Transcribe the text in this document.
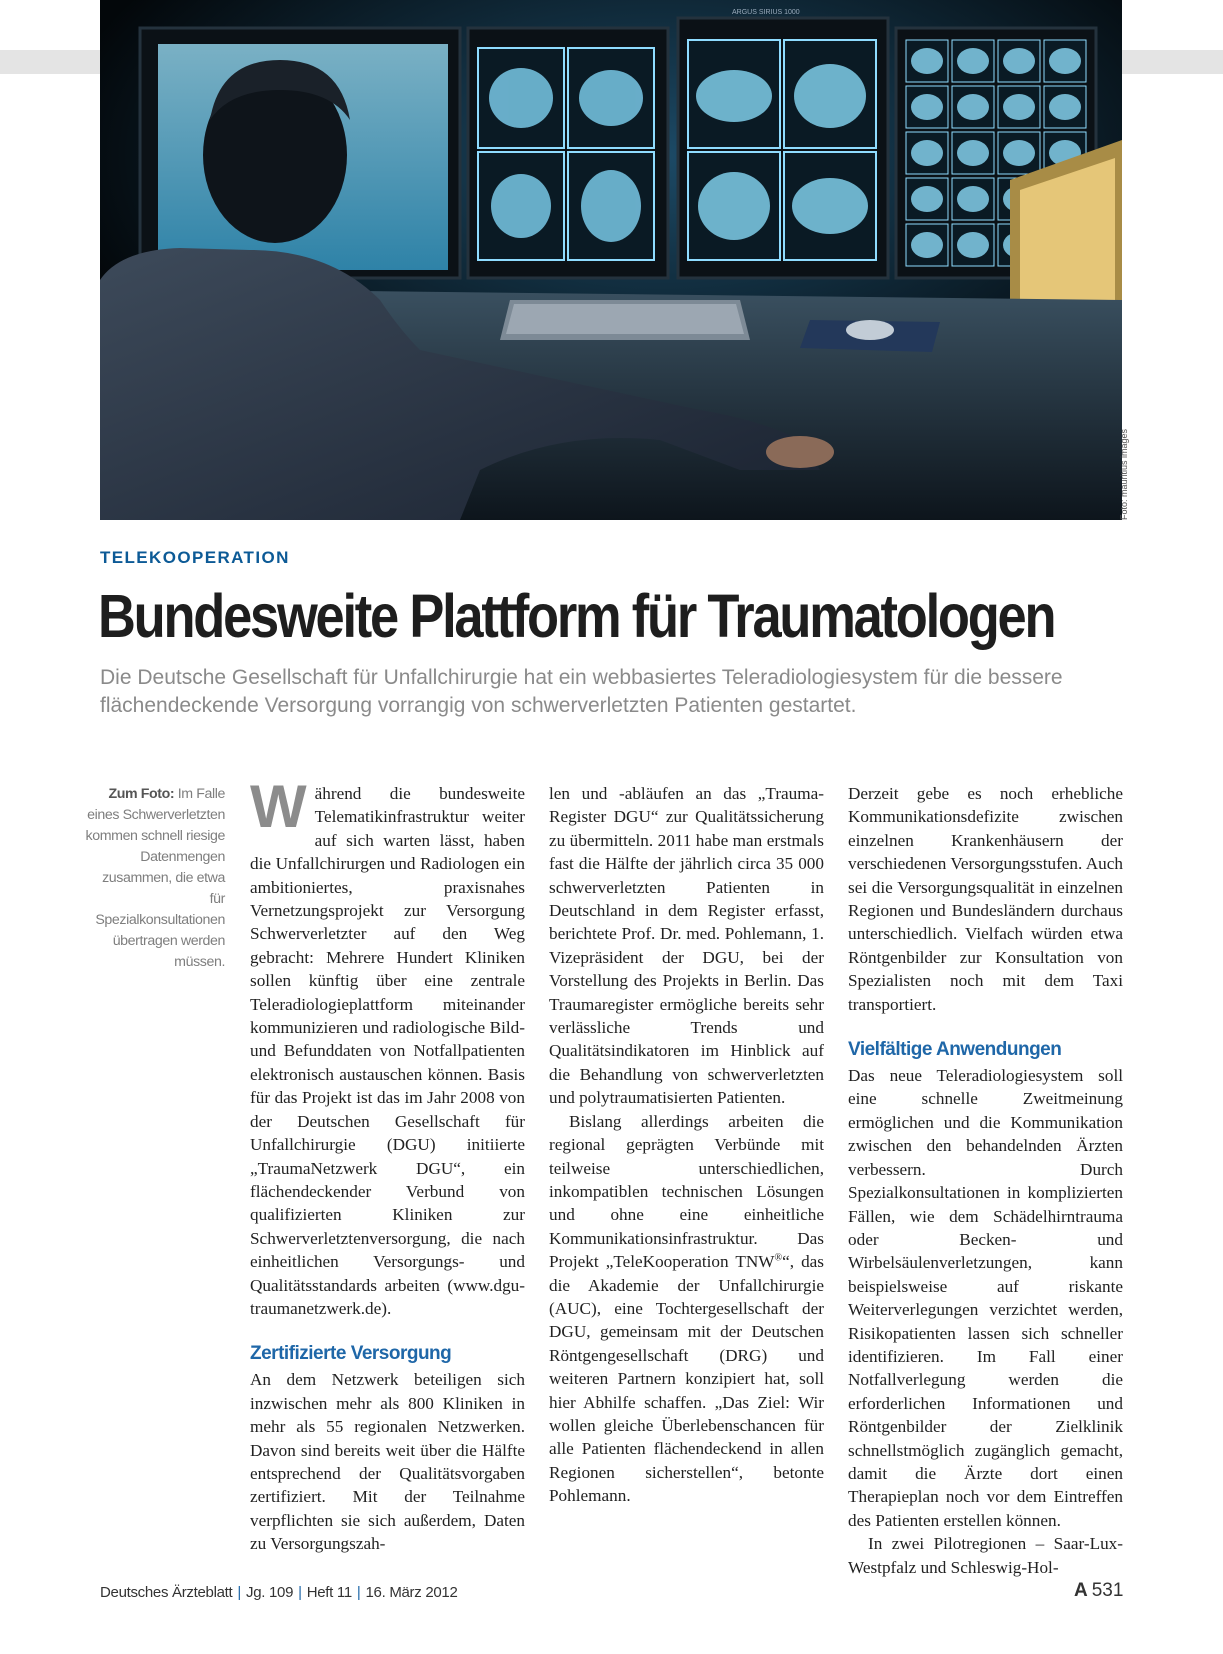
ARGUS SIRIUS 1000
Foto: mauritius images
TELEKOOPERATION
Bundesweite Plattform für Traumatologen
Die Deutsche Gesellschaft für Unfallchirurgie hat ein webbasiertes Teleradiologiesystem für die bessere flächendeckende Versorgung vorrangig von schwerverletzten Patienten gestartet.
Zum Foto: Im Falle eines Schwerverletzten kommen schnell riesige Datenmengen zusammen, die etwa für Spezialkonsultationen übertragen werden müssen.

Während die bundesweite Telematikinfrastruktur weiter auf sich warten lässt, haben die Unfallchirurgen und Radiologen ein ambitioniertes, praxisnahes Vernetzungsprojekt zur Versorgung Schwerverletzter auf den Weg gebracht: Mehrere Hundert Kliniken sollen künftig über eine zentrale Teleradiologieplattform miteinander kommunizieren und radiologische Bild- und Befunddaten von Notfallpatienten elektronisch austauschen können. Basis für das Projekt ist das im Jahr 2008 von der Deutschen Gesellschaft für Unfallchirurgie (DGU) initiierte „TraumaNetzwerk DGU“, ein flächendeckender Verbund von qualifizierten Kliniken zur Schwerverletztenversorgung, die nach einheitlichen Versorgungs- und Qualitätsstandards arbeiten (www.dgu-traumanetzwerk.de).

Zertifizierte Versorgung

An dem Netzwerk beteiligen sich inzwischen mehr als 800 Kliniken in mehr als 55 regionalen Netzwerken. Davon sind bereits weit über die Hälfte entsprechend der Qualitätsvorgaben zertifiziert. Mit der Teilnahme verpflichten sie sich außerdem, Daten zu Versorgungszah-

len und -abläufen an das „Trauma-Register DGU“ zur Qualitätssicherung zu übermitteln. 2011 habe man erstmals fast die Hälfte der jährlich circa 35 000 schwerverletzten Patienten in Deutschland in dem Register erfasst, berichtete Prof. Dr. med. Pohlemann, 1. Vizepräsident der DGU, bei der Vorstellung des Projekts in Berlin. Das Traumaregister ermögliche bereits sehr verlässliche Trends und Qualitätsindikatoren im Hinblick auf die Behandlung von schwerverletzten und polytraumatisierten Patienten.

Bislang allerdings arbeiten die regional geprägten Verbünde mit teilweise unterschiedlichen, inkompatiblen technischen Lösungen und ohne eine einheitliche Kommunikationsinfrastruktur. Das Projekt „TeleKooperation TNW®“, das die Akademie der Unfallchirurgie (AUC), eine Tochtergesellschaft der DGU, gemeinsam mit der Deutschen Röntgengesellschaft (DRG) und weiteren Partnern konzipiert hat, soll hier Abhilfe schaffen. „Das Ziel: Wir wollen gleiche Überlebenschancen für alle Patienten flächendeckend in allen Regionen sicherstellen“, betonte Pohlemann.

Derzeit gebe es noch erhebliche Kommunikationsdefizite zwischen einzelnen Krankenhäusern der verschiedenen Versorgungsstufen. Auch sei die Versorgungsqualität in einzelnen Regionen und Bundesländern durchaus unterschiedlich. Vielfach würden etwa Röntgenbilder zur Konsultation von Spezialisten noch mit dem Taxi transportiert.

Vielfältige Anwendungen

Das neue Teleradiologiesystem soll eine schnelle Zweitmeinung ermöglichen und die Kommunikation zwischen den behandelnden Ärzten verbessern. Durch Spezialkonsultationen in komplizierten Fällen, wie dem Schädelhirntrauma oder Becken- und Wirbelsäulenverletzungen, kann beispielsweise auf riskante Weiterverlegungen verzichtet werden, Risikopatienten lassen sich schneller identifizieren. Im Fall einer Notfallverlegung werden die erforderlichen Informationen und Röntgenbilder der Zielklinik schnellstmöglich zugänglich gemacht, damit die Ärzte dort einen Therapieplan noch vor dem Eintreffen des Patienten erstellen können.

In zwei Pilotregionen – Saar-Lux-Westpfalz und Schleswig-Hol-

Deutsches Ärzteblatt | Jg. 109 | Heft 11 | 16. März 2012	A 531
